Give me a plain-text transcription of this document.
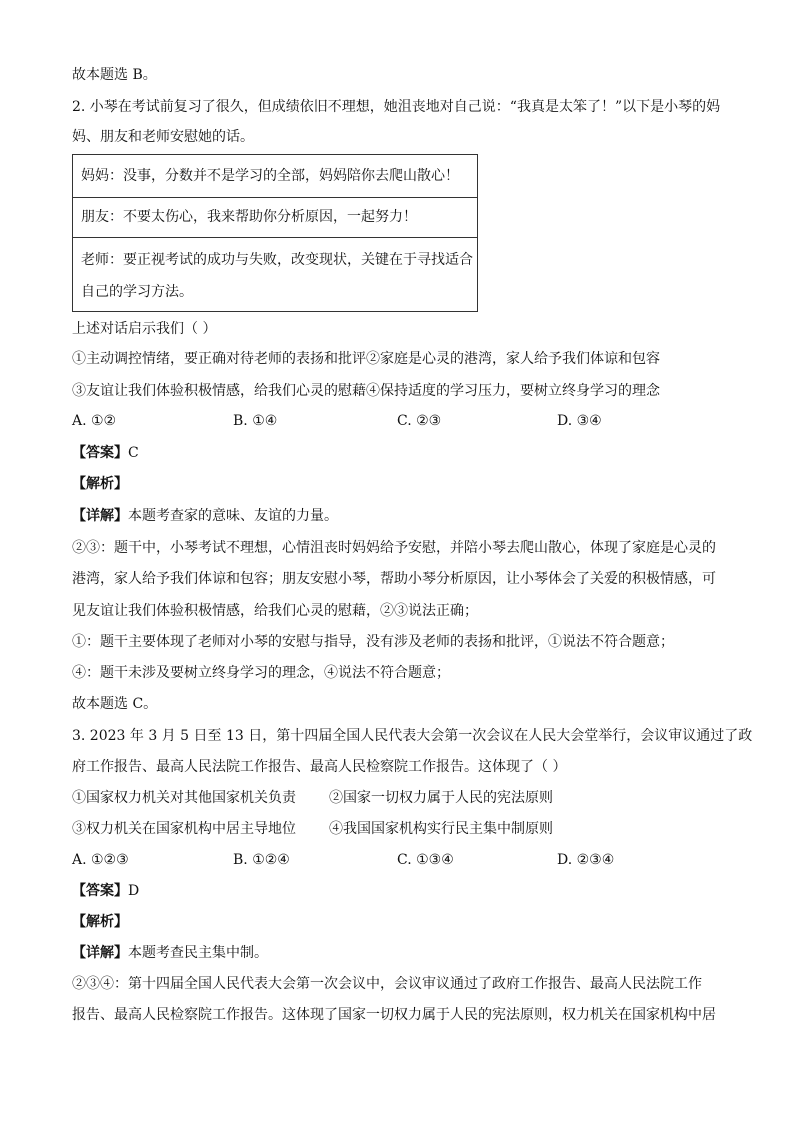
故本题选 B。
2. 小琴在考试前复习了很久，但成绩依旧不理想，她沮丧地对自己说：“我真是太笨了！”以下是小琴的妈
妈、朋友和老师安慰她的话。
妈妈：没事，分数并不是学习的全部，妈妈陪你去爬山散心！
朋友：不要太伤心，我来帮助你分析原因，一起努力！
老师：要正视考试的成功与失败，改变现状，关键在于寻找适合
自己的学习方法。
上述对话启示我们（ ）
①主动调控情绪，要正确对待老师的表扬和批评②家庭是心灵的港湾，家人给予我们体谅和包容
③友谊让我们体验积极情感，给我们心灵的慰藉④保持适度的学习压力，要树立终身学习的理念
A. ①②	B. ①④	C. ②③	D. ③④
【答案】C
【解析】
【详解】本题考查家的意味、友谊的力量。
②③：题干中，小琴考试不理想，心情沮丧时妈妈给予安慰，并陪小琴去爬山散心，体现了家庭是心灵的
港湾，家人给予我们体谅和包容；朋友安慰小琴，帮助小琴分析原因，让小琴体会了关爱的积极情感，可
见友谊让我们体验积极情感，给我们心灵的慰藉，②③说法正确；
①：题干主要体现了老师对小琴的安慰与指导，没有涉及老师的表扬和批评，①说法不符合题意；
④：题干未涉及要树立终身学习的理念，④说法不符合题意；
故本题选 C。
3. 2023 年 3 月 5 日至 13 日，第十四届全国人民代表大会第一次会议在人民大会堂举行，会议审议通过了政
府工作报告、最高人民法院工作报告、最高人民检察院工作报告。这体现了（ ）
①国家权力机关对其他国家机关负责 ②国家一切权力属于人民的宪法原则
③权力机关在国家机构中居主导地位 ④我国国家机构实行民主集中制原则
A. ①②③	B. ①②④	C. ①③④	D. ②③④
【答案】D
【解析】
【详解】本题考查民主集中制。
②③④：第十四届全国人民代表大会第一次会议中，会议审议通过了政府工作报告、最高人民法院工作
报告、最高人民检察院工作报告。这体现了国家一切权力属于人民的宪法原则，权力机关在国家机构中居
